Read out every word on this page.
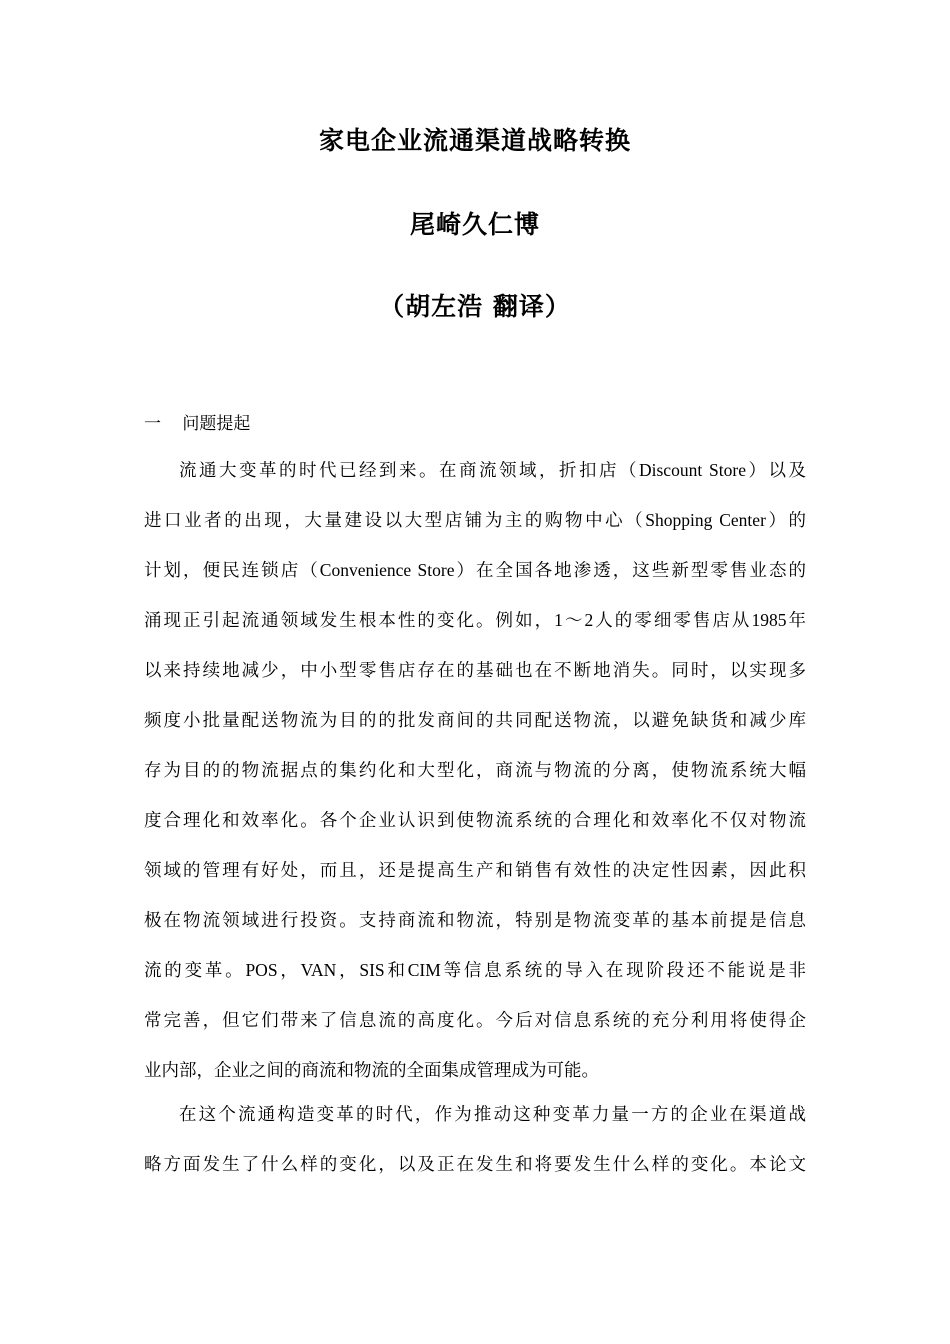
家电企业流通渠道战略转换
尾崎久仁博
（胡左浩 翻译）
一 问题提起
流通大变革的时代已经到来。在商流领域，折扣店（Discount Store）以及
进口业者的出现，大量建设以大型店铺为主的购物中心（Shopping Center）的
计划，便民连锁店（Convenience Store）在全国各地渗透，这些新型零售业态的
涌现正引起流通领域发生根本性的变化。例如，1～2人的零细零售店从1985年
以来持续地减少，中小型零售店存在的基础也在不断地消失。同时，以实现多
频度小批量配送物流为目的的批发商间的共同配送物流，以避免缺货和减少库
存为目的的物流据点的集约化和大型化，商流与物流的分离，使物流系统大幅
度合理化和效率化。各个企业认识到使物流系统的合理化和效率化不仅对物流
领域的管理有好处，而且，还是提高生产和销售有效性的决定性因素，因此积
极在物流领域进行投资。支持商流和物流，特别是物流变革的基本前提是信息
流的变革。POS，VAN，SIS和CIM等信息系统的导入在现阶段还不能说是非
常完善，但它们带来了信息流的高度化。今后对信息系统的充分利用将使得企
业内部，企业之间的商流和物流的全面集成管理成为可能。
在这个流通构造变革的时代，作为推动这种变革力量一方的企业在渠道战
略方面发生了什么样的变化，以及正在发生和将要发生什么样的变化。本论文
